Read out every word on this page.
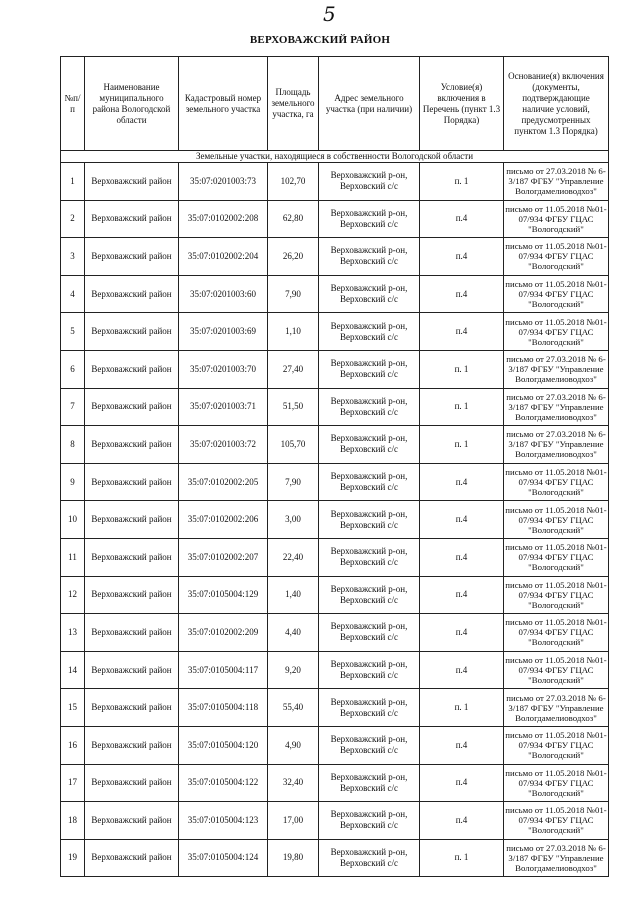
5
ВЕРХОВАЖСКИЙ РАЙОН
№п/п	Наименование муниципального района Вологодской области	Кадастровый номер земельного участка	Площадь земельного участка, га	Адрес земельного участка (при наличии)	Условие(я) включения в Перечень (пункт 1.3 Порядка)	Основание(я) включения (документы, подтверждающие наличие условий, предусмотренных пунктом 1.3 Порядка)
Земельные участки, находящиеся в собственности Вологодской области						
1	Верховажский район	35:07:0201003:73	102,70	Верховажский р-он, Верховский с/с	п. 1	письмо от 27.03.2018 № 6-3/187 ФГБУ "Управление Вологдамелиоводхоз"
2	Верховажский район	35:07:0102002:208	62,80	Верховажский р-он, Верховский с/с	п.4	письмо от 11.05.2018 №01-07/934 ФГБУ ГЦАС "Вологодский"
3	Верховажский район	35:07:0102002:204	26,20	Верховажский р-он, Верховский с/с	п.4	письмо от 11.05.2018 №01-07/934 ФГБУ ГЦАС "Вологодский"
4	Верховажский район	35:07:0201003:60	7,90	Верховажский р-он, Верховский с/с	п.4	письмо от 11.05.2018 №01-07/934 ФГБУ ГЦАС "Вологодский"
5	Верховажский район	35:07:0201003:69	1,10	Верховажский р-он, Верховский с/с	п.4	письмо от 11.05.2018 №01-07/934 ФГБУ ГЦАС "Вологодский"
6	Верховажский район	35:07:0201003:70	27,40	Верховажский р-он, Верховский с/с	п. 1	письмо от 27.03.2018 № 6-3/187 ФГБУ "Управление Вологдамелиоводхоз"
7	Верховажский район	35:07:0201003:71	51,50	Верховажский р-он, Верховский с/с	п. 1	письмо от 27.03.2018 № 6-3/187 ФГБУ "Управление Вологдамелиоводхоз"
8	Верховажский район	35:07:0201003:72	105,70	Верховажский р-он, Верховский с/с	п. 1	письмо от 27.03.2018 № 6-3/187 ФГБУ "Управление Вологдамелиоводхоз"
9	Верховажский район	35:07:0102002:205	7,90	Верховажский р-он, Верховский с/с	п.4	письмо от 11.05.2018 №01-07/934 ФГБУ ГЦАС "Вологодский"
10	Верховажский район	35:07:0102002:206	3,00	Верховажский р-он, Верховский с/с	п.4	письмо от 11.05.2018 №01-07/934 ФГБУ ГЦАС "Вологодский"
11	Верховажский район	35:07:0102002:207	22,40	Верховажский р-он, Верховский с/с	п.4	письмо от 11.05.2018 №01-07/934 ФГБУ ГЦАС "Вологодский"
12	Верховажский район	35:07:0105004:129	1,40	Верховажский р-он, Верховский с/с	п.4	письмо от 11.05.2018 №01-07/934 ФГБУ ГЦАС "Вологодский"
13	Верховажский район	35:07:0102002:209	4,40	Верховажский р-он, Верховский с/с	п.4	письмо от 11.05.2018 №01-07/934 ФГБУ ГЦАС "Вологодский"
14	Верховажский район	35:07:0105004:117	9,20	Верховажский р-он, Верховский с/с	п.4	письмо от 11.05.2018 №01-07/934 ФГБУ ГЦАС "Вологодский"
15	Верховажский район	35:07:0105004:118	55,40	Верховажский р-он, Верховский с/с	п. 1	письмо от 27.03.2018 № 6-3/187 ФГБУ "Управление Вологдамелиоводхоз"
16	Верховажский район	35:07:0105004:120	4,90	Верховажский р-он, Верховский с/с	п.4	письмо от 11.05.2018 №01-07/934 ФГБУ ГЦАС "Вологодский"
17	Верховажский район	35:07:0105004:122	32,40	Верховажский р-он, Верховский с/с	п.4	письмо от 11.05.2018 №01-07/934 ФГБУ ГЦАС "Вологодский"
18	Верховажский район	35:07:0105004:123	17,00	Верховажский р-он, Верховский с/с	п.4	письмо от 11.05.2018 №01-07/934 ФГБУ ГЦАС "Вологодский"
19	Верховажский район	35:07:0105004:124	19,80	Верховажский р-он, Верховский с/с	п. 1	письмо от 27.03.2018 № 6-3/187 ФГБУ "Управление Вологдамелиоводхоз"
